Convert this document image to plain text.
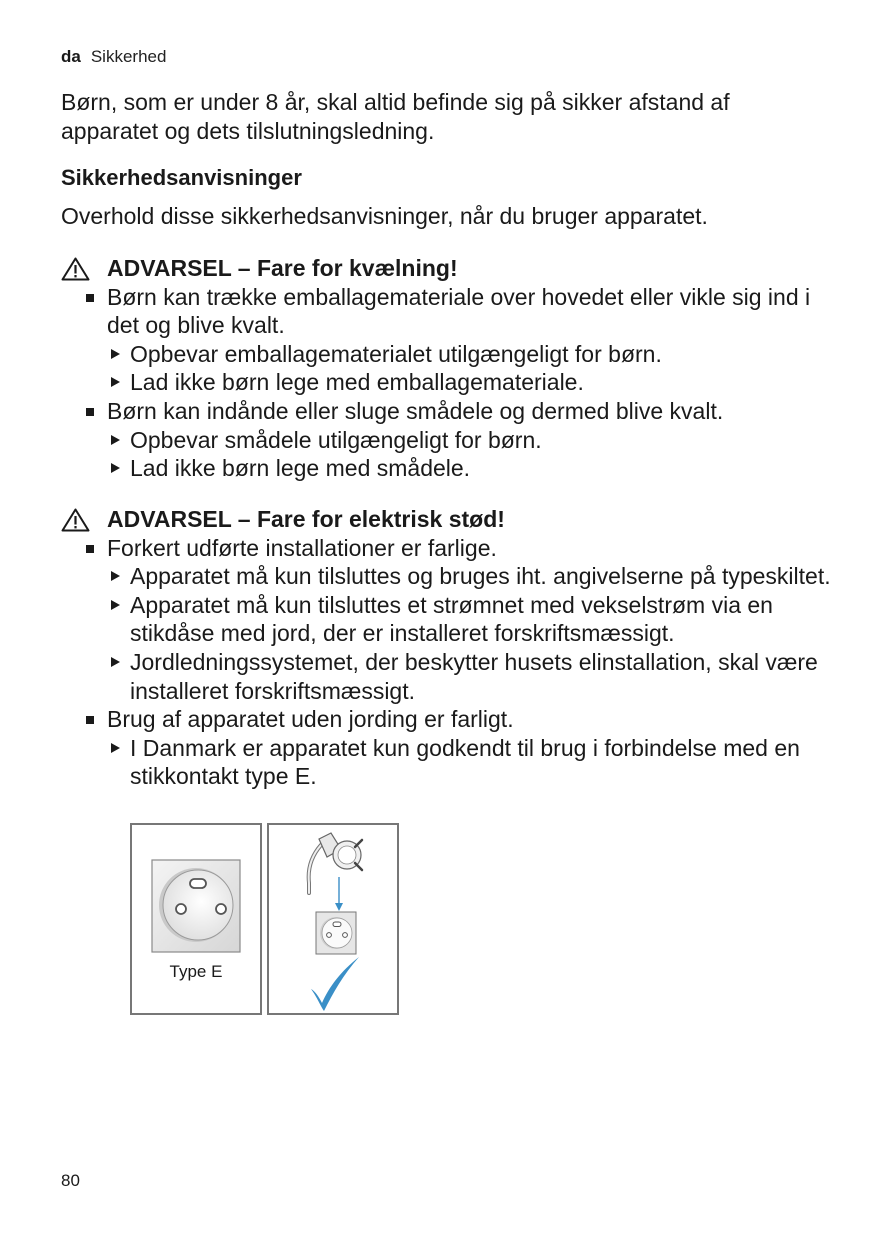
da Sikkerhed
Børn, som er under 8 år, skal altid befinde sig på sikker afstand af apparatet og dets tilslutningsledning.
Sikkerhedsanvisninger
Overhold disse sikkerhedsanvisninger, når du bruger apparatet.
ADVARSEL – Fare for kvælning!
Børn kan trække emballagemateriale over hovedet eller vikle sig ind i det og blive kvalt.
Opbevar emballagematerialet utilgængeligt for børn.
Lad ikke børn lege med emballagemateriale.
Børn kan indånde eller sluge smådele og dermed blive kvalt.
Opbevar smådele utilgængeligt for børn.
Lad ikke børn lege med smådele.
ADVARSEL – Fare for elektrisk stød!
Forkert udførte installationer er farlige.
Apparatet må kun tilsluttes og bruges iht. angivelserne på typeskiltet.
Apparatet må kun tilsluttes et strømnet med vekselstrøm via en stikdåse med jord, der er installeret forskriftsmæssigt.
Jordledningssystemet, der beskytter husets elinstallation, skal være installeret forskriftsmæssigt.
Brug af apparatet uden jording er farligt.
I Danmark er apparatet kun godkendt til brug i forbindelse med en stikkontakt type E.
Type E
80
